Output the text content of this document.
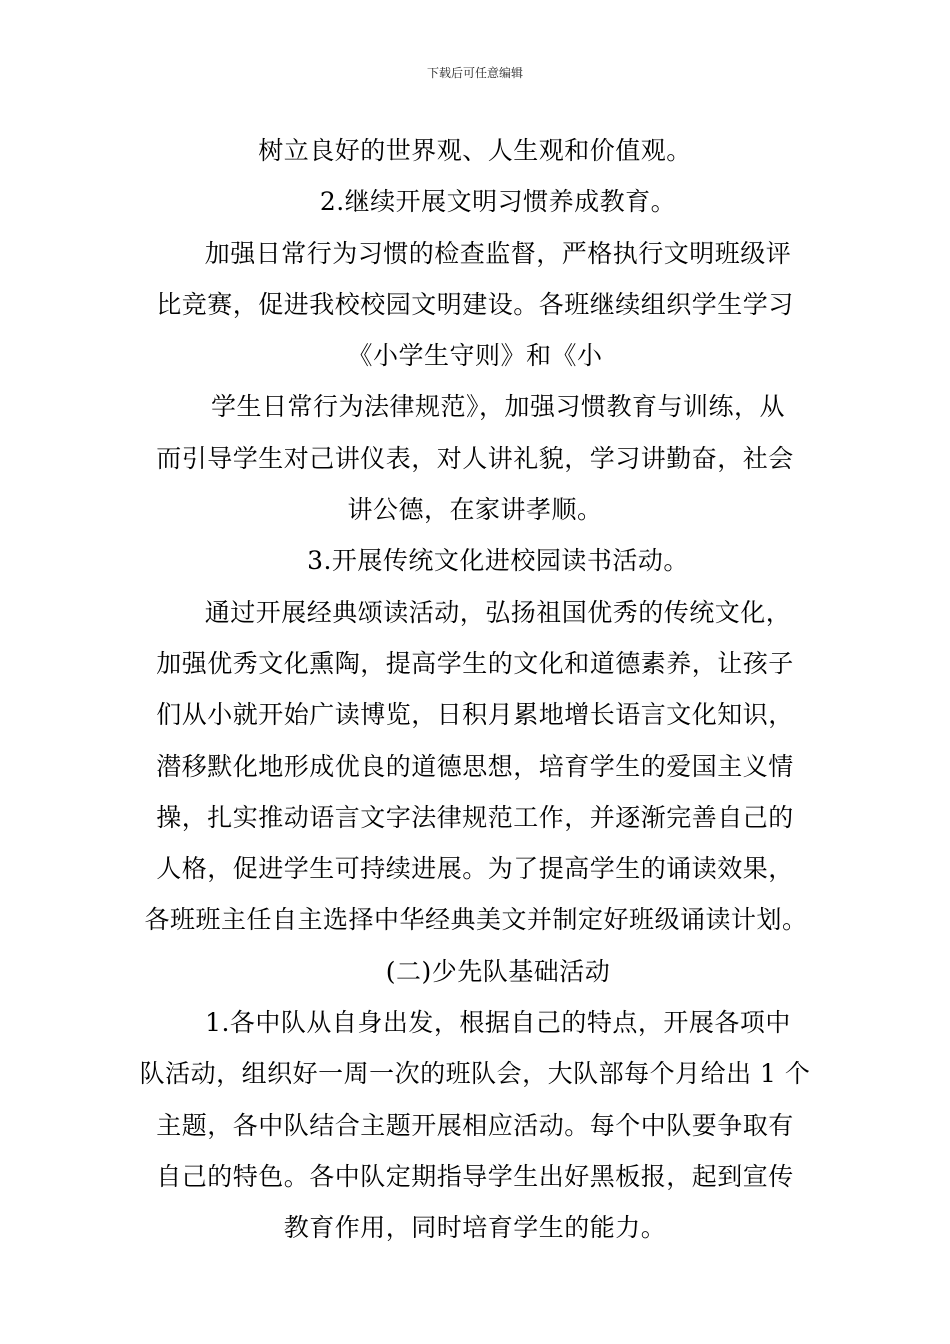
下载后可任意编辑
树立良好的世界观、人生观和价值观。
2.继续开展文明习惯养成教育。
加强日常行为习惯的检查监督，严格执行文明班级评
比竞赛，促进我校校园文明建设。各班继续组织学生学习
《小学生守则》和《小
学生日常行为法律规范》，加强习惯教育与训练，从
而引导学生对己讲仪表，对人讲礼貌，学习讲勤奋，社会
讲公德，在家讲孝顺。
3.开展传统文化进校园读书活动。
通过开展经典颂读活动，弘扬祖国优秀的传统文化，
加强优秀文化熏陶，提高学生的文化和道德素养，让孩子
们从小就开始广读博览，日积月累地增长语言文化知识，
潜移默化地形成优良的道德思想，培育学生的爱国主义情
操，扎实推动语言文字法律规范工作，并逐渐完善自己的
人格，促进学生可持续进展。为了提高学生的诵读效果，
各班班主任自主选择中华经典美文并制定好班级诵读计划。
(二)少先队基础活动
1.各中队从自身出发，根据自己的特点，开展各项中
队活动，组织好一周一次的班队会，大队部每个月给出 1 个
主题，各中队结合主题开展相应活动。每个中队要争取有
自己的特色。各中队定期指导学生出好黑板报，起到宣传
教育作用，同时培育学生的能力。
